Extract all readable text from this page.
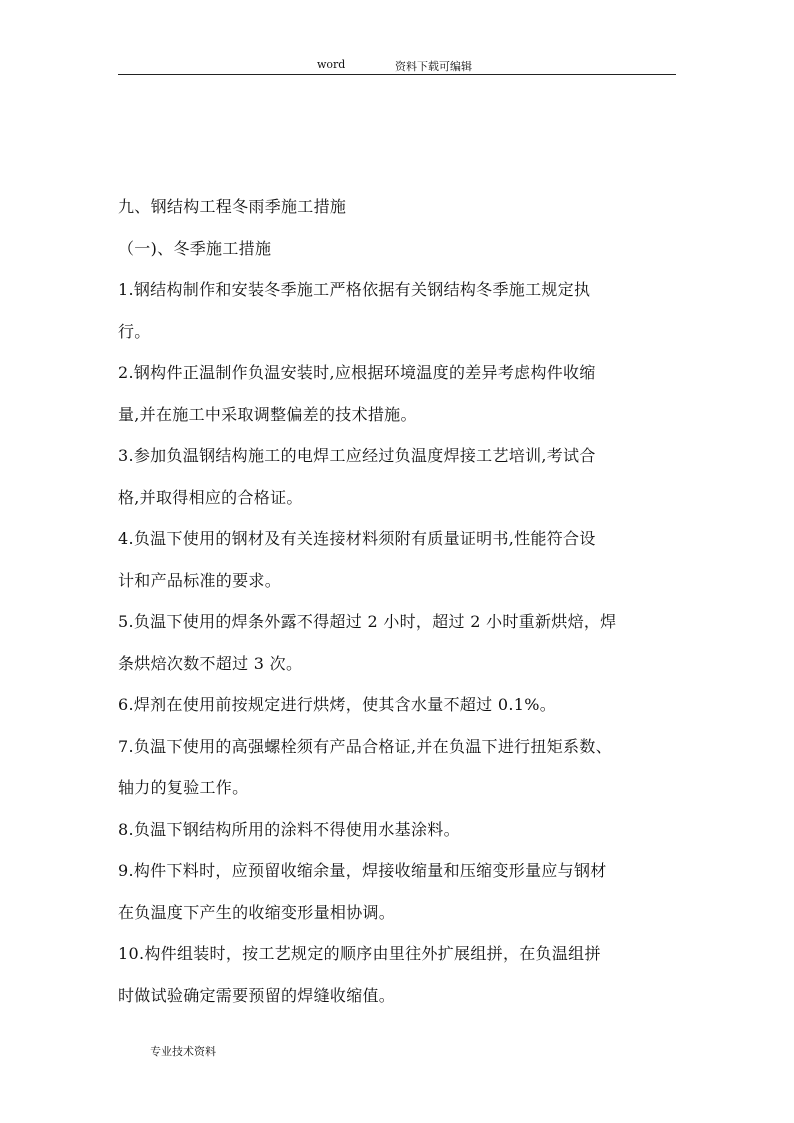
word	资料下载可编辑

九、钢结构工程冬雨季施工措施

（一)、冬季施工措施

1.钢结构制作和安装冬季施工严格依据有关钢结构冬季施工规定执

行。

2.钢构件正温制作负温安装时,应根据环境温度的差异考虑构件收缩

量,并在施工中采取调整偏差的技术措施。

3.参加负温钢结构施工的电焊工应经过负温度焊接工艺培训,考试合

格,并取得相应的合格证。

4.负温下使用的钢材及有关连接材料须附有质量证明书,性能符合设

计和产品标准的要求。

5.负温下使用的焊条外露不得超过 2 小时，超过 2 小时重新烘焙，焊

条烘焙次数不超过 3 次。

6.焊剂在使用前按规定进行烘烤，使其含水量不超过 0.1%。

7.负温下使用的高强螺栓须有产品合格证,并在负温下进行扭矩系数、

轴力的复验工作。

8.负温下钢结构所用的涂料不得使用水基涂料。

9.构件下料时，应预留收缩余量，焊接收缩量和压缩变形量应与钢材

在负温度下产生的收缩变形量相协调。

10.构件组装时，按工艺规定的顺序由里往外扩展组拼，在负温组拼

时做试验确定需要预留的焊缝收缩值。

专业技术资料
